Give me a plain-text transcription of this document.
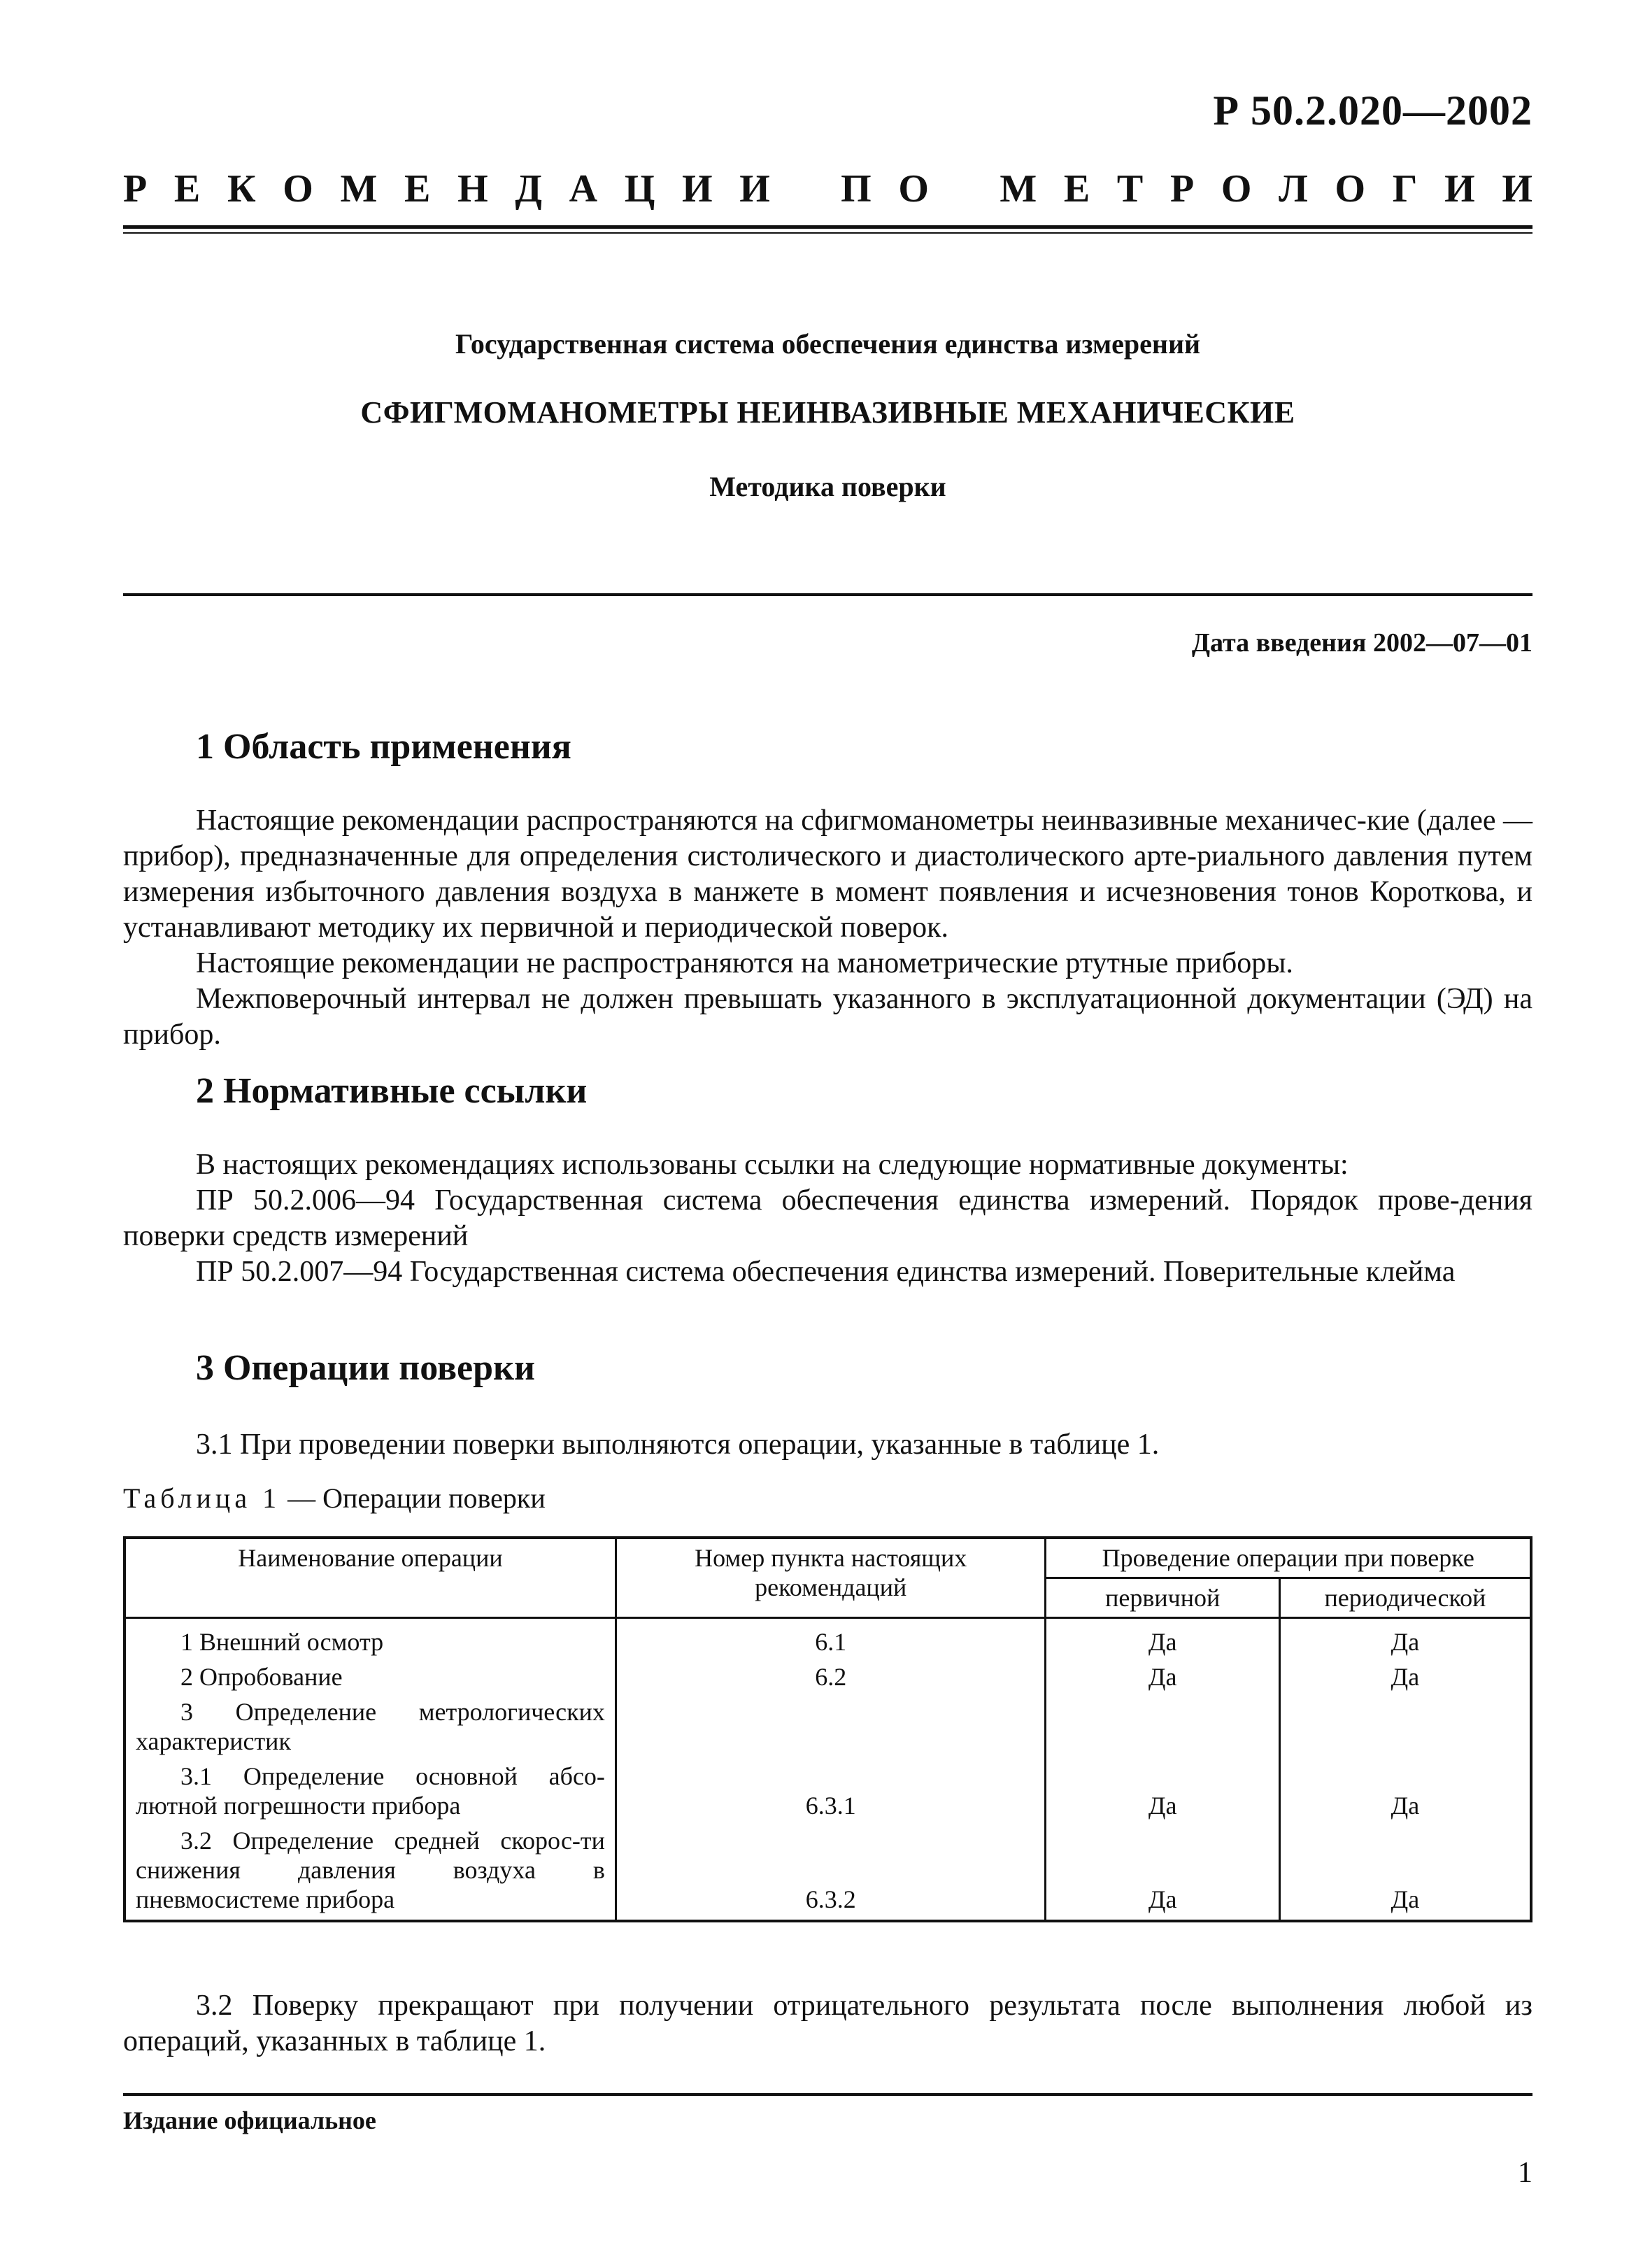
Р 50.2.020—2002
Р Е К О М Е Н Д А Ц И И П О М Е Т Р О Л О Г И И
Государственная система обеспечения единства измерений
СФИГМОМАНОМЕТРЫ НЕИНВАЗИВНЫЕ МЕХАНИЧЕСКИЕ
Методика поверки
Дата введения 2002—07—01
1 Область применения

Настоящие рекомендации распространяются на сфигмоманометры неинвазивные механичес-кие (далее — прибор), предназначенные для определения систолического и диастолического арте-риального давления путем измерения избыточного давления воздуха в манжете в момент появления и исчезновения тонов Короткова, и устанавливают методику их первичной и периодической поверок.

Настоящие рекомендации не распространяются на манометрические ртутные приборы.

Межповерочный интервал не должен превышать указанного в эксплуатационной документации (ЭД) на прибор.

2 Нормативные ссылки

В настоящих рекомендациях использованы ссылки на следующие нормативные документы:

ПР 50.2.006—94 Государственная система обеспечения единства измерений. Порядок прове-дения поверки средств измерений

ПР 50.2.007—94 Государственная система обеспечения единства измерений. Поверительные клейма

3 Операции поверки

3.1 При проведении поверки выполняются операции, указанные в таблице 1.

Таблица 1 — Операции поверки
Наименование операции	Номер пункта настоящих рекомендаций	Проведение операции при поверке	
		первичной	периодической
1 Внешний осмотр	6.1	Да	Да
2 Опробование	6.2	Да	Да
3 Определение метрологических характеристик			
3.1 Определение основной абсо-лютной погрешности прибора	6.3.1	Да	Да
3.2 Определение средней скорос-ти снижения давления воздуха в пневмосистеме прибора	6.3.2	Да	Да

3.2 Поверку прекращают при получении отрицательного результата после выполнения любой из операций, указанных в таблице 1.

Издание официальное
1
